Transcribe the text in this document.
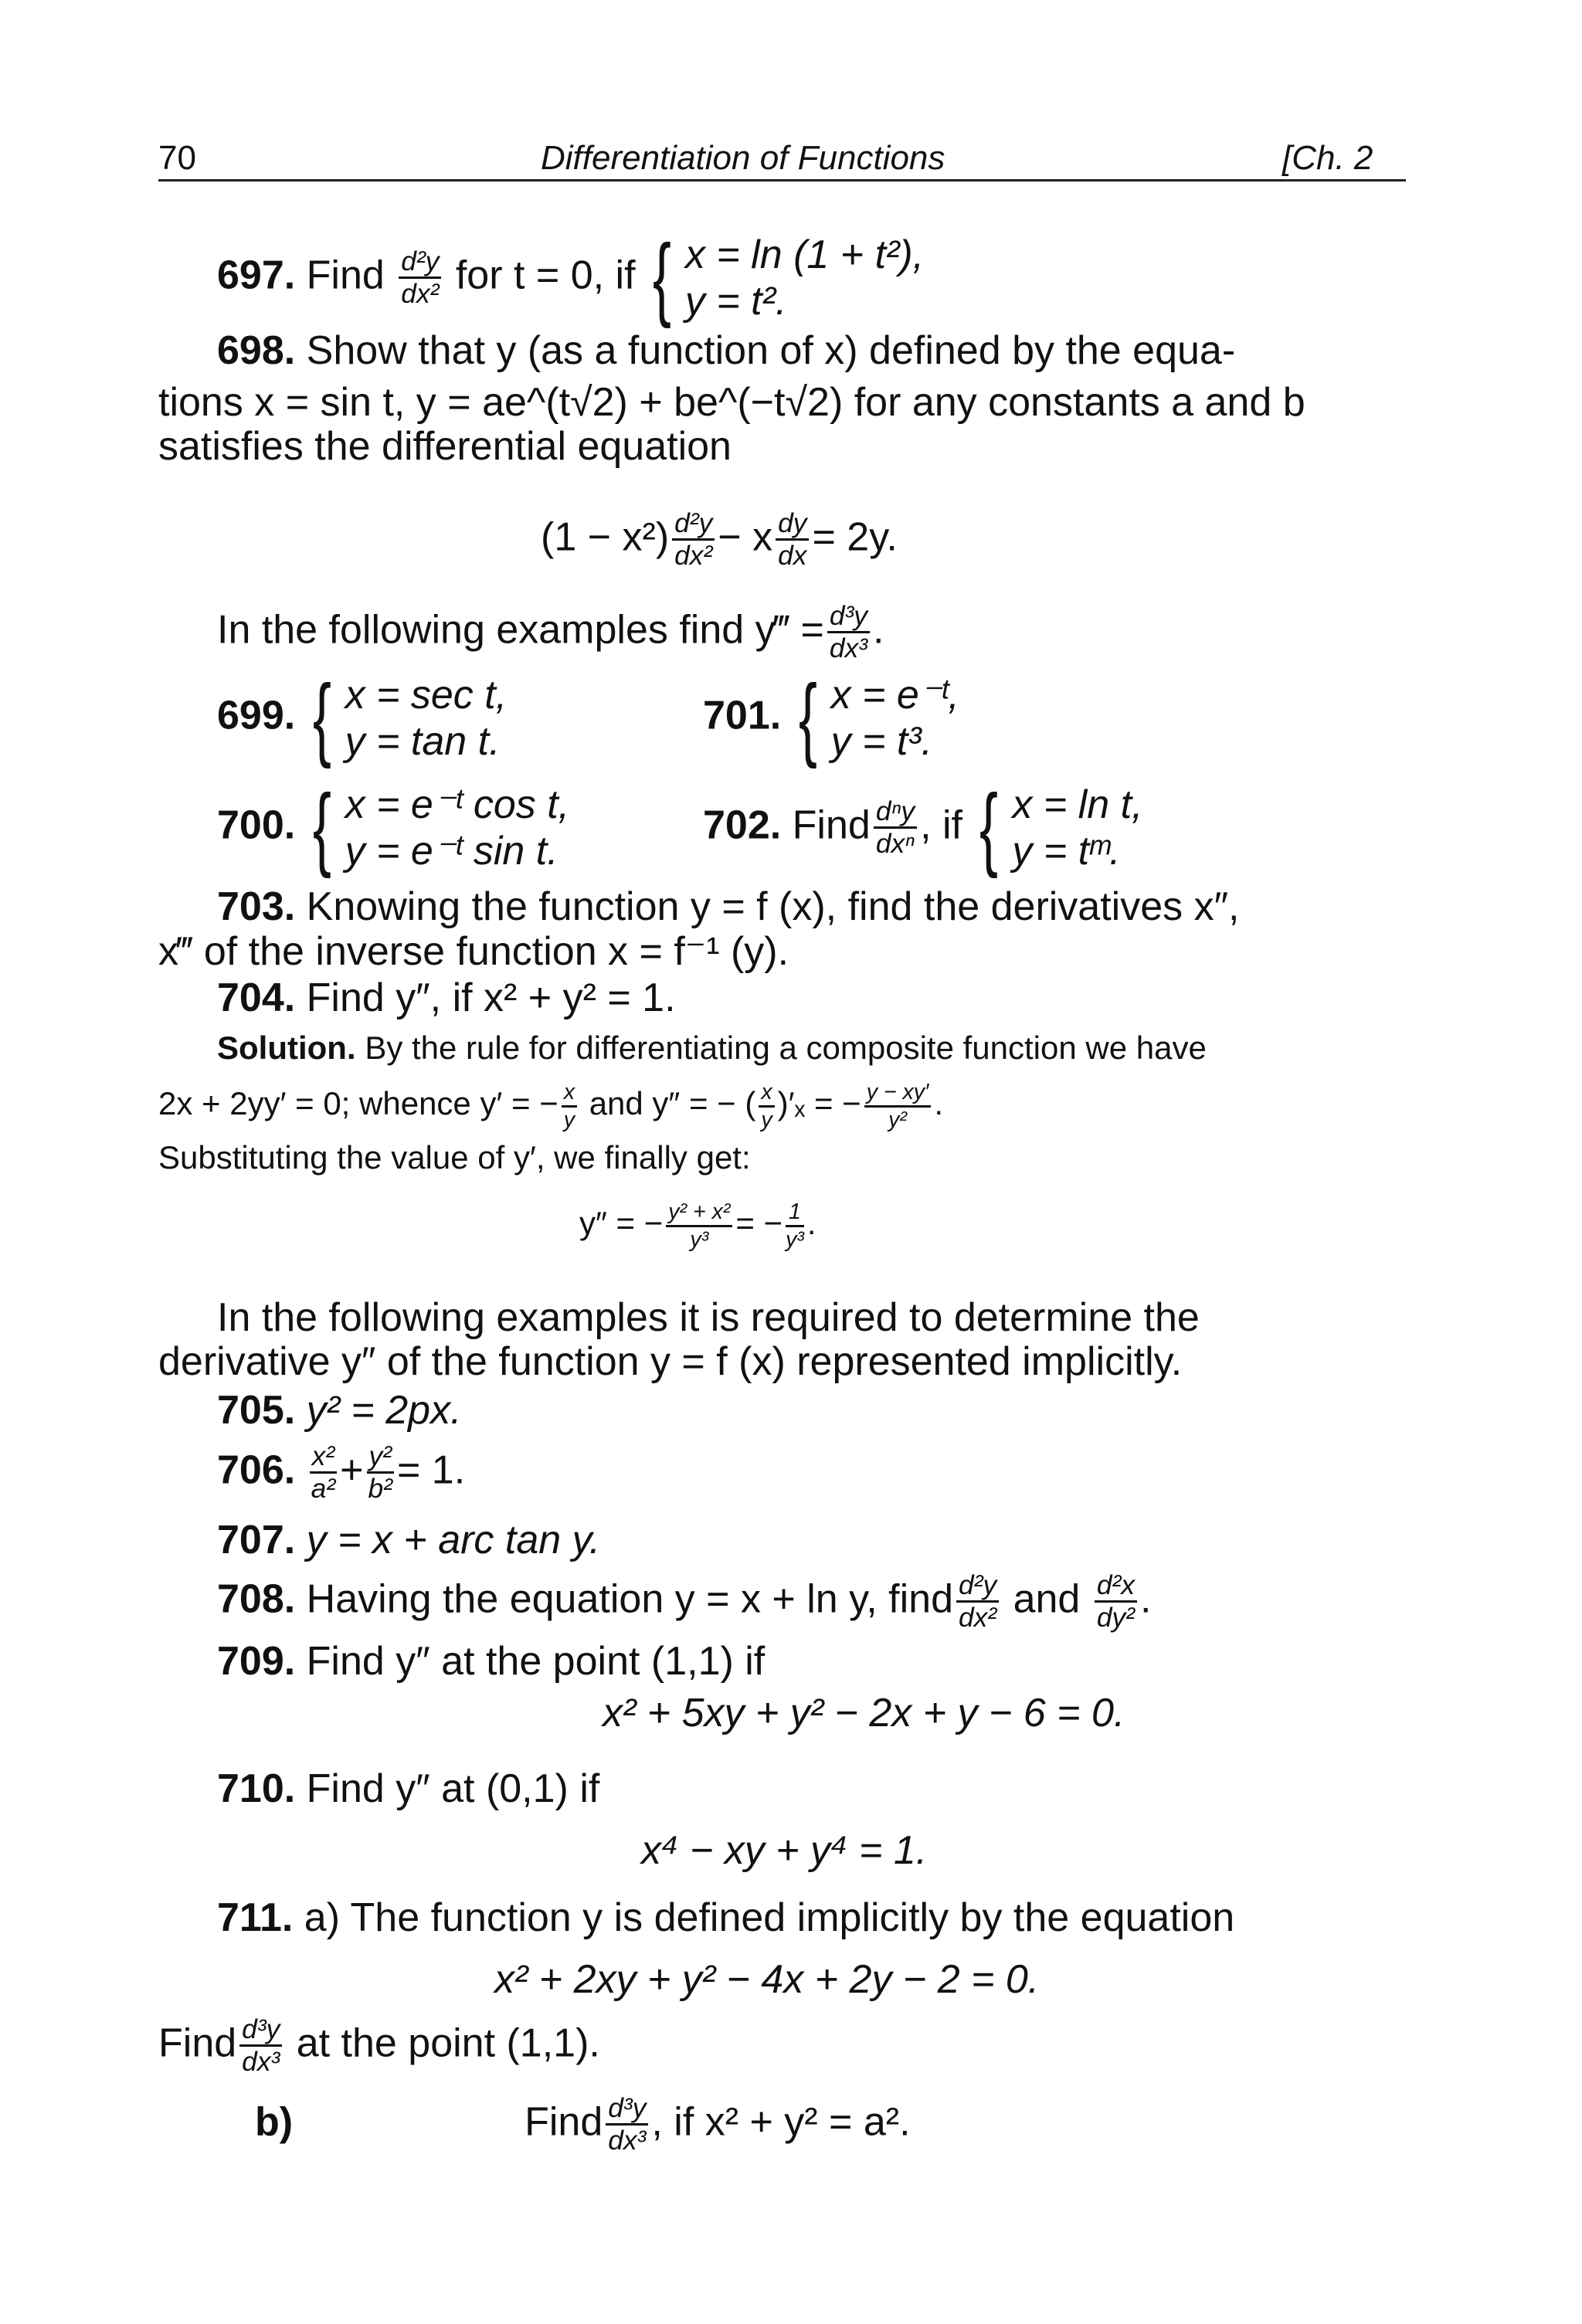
70	Differentiation of Functions	[Ch. 2
697. Find $\frac{\text{d²y}}{\text{dx²}}$ for t = 0, if { x = ln (1 + t²),
y = t².
698. Show that y (as a function of x) defined by the equa-
tions x = sin t, y = ae^(t√2) + be^(−t√2) for any constants a and b
satisfies the differential equation
$(1 - x^2) \frac{\text{d²y}}{\text{dx²}} - x \frac{dy}{dx} = 2y$.
In the following examples find y‴ = $\frac{\text{d³y}}{\text{dx³}}$ .
699. { x = sec t,
y = tan t.
701. { x = e⁻ᵗ,
y = t³.
700. { x = e⁻ᵗ cos t,
y = e⁻ᵗ sin t.
702. Find $\frac{\text{dⁿy}}{\text{dxⁿ}}$ , if { x = ln t,
y = tᵐ.
703. Knowing the function y = f (x), find the derivatives x″,
x‴ of the inverse function x = f⁻¹ (y).
704. Find y″, if x² + y² = 1.
Solution. By the rule for differentiating a composite function we have
2x + 2yy′ = 0; whence y′ = − $\frac{x}{y}$ and y″ = − ( $\frac{x}{y} )'_x$ = − $\frac{y - xy'}{\text{y²}}$ .
Substituting the value of y′, we finally get:
y″ = − $\frac{\text{y² + x²}}{\text{y³}}$ = − $\frac{1}{\text{y³}}$ .
In the following examples it is required to determine the
derivative y″ of the function y = f (x) represented implicitly.
705. y² = 2px.
706. $\frac{\text{x²}}{\text{a²}} + \frac{\text{y²}}{\text{b²}} = 1$.
707. y = x + arc tan y.
708. Having the equation y = x + ln y, find $\frac{\text{d²y}}{\text{dx²}}$ and $\frac{\text{d²x}}{\text{dy²}}$ .
709. Find y″ at the point (1,1) if
x² + 5xy + y² − 2x + y − 6 = 0.
710. Find y″ at (0,1) if
x⁴ − xy + y⁴ = 1.
711. a) The function y is defined implicitly by the equation
x² + 2xy + y² − 4x + 2y − 2 = 0.
Find $\frac{\text{d³y}}{\text{dx³}}$ at the point (1,1).
b)	Find $\frac{\text{d³y}}{\text{dx³}}$ , if x² + y² = a².
